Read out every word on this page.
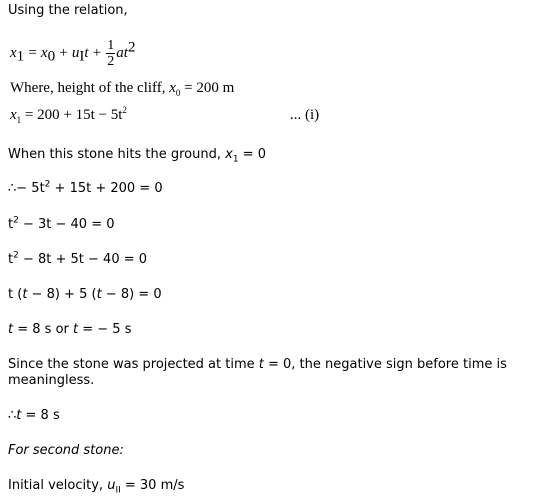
Using the relation,
$x_1 = x_0 + u_It + \frac{1}{2} at^2$
Where, height of the cliff, $x_0 = 200$ m
$x_1 = 200 + 15t - 5t^2$	... (i)
When this stone hits the ground, $x_1 = 0$
∴− $5t^2 + 15t + 200 = 0$
$t^2 - 3t - 40 = 0$
$t^2 - 8t + 5t - 40 = 0$
t (t − 8) + 5 (t − 8) = 0
t = 8 s or t = − 5 s
Since the stone was projected at time t = 0, the negative sign before time is
meaningless.
∴t = 8 s
For second stone:
Initial velocity, $u_{II} = 30$ m/s
